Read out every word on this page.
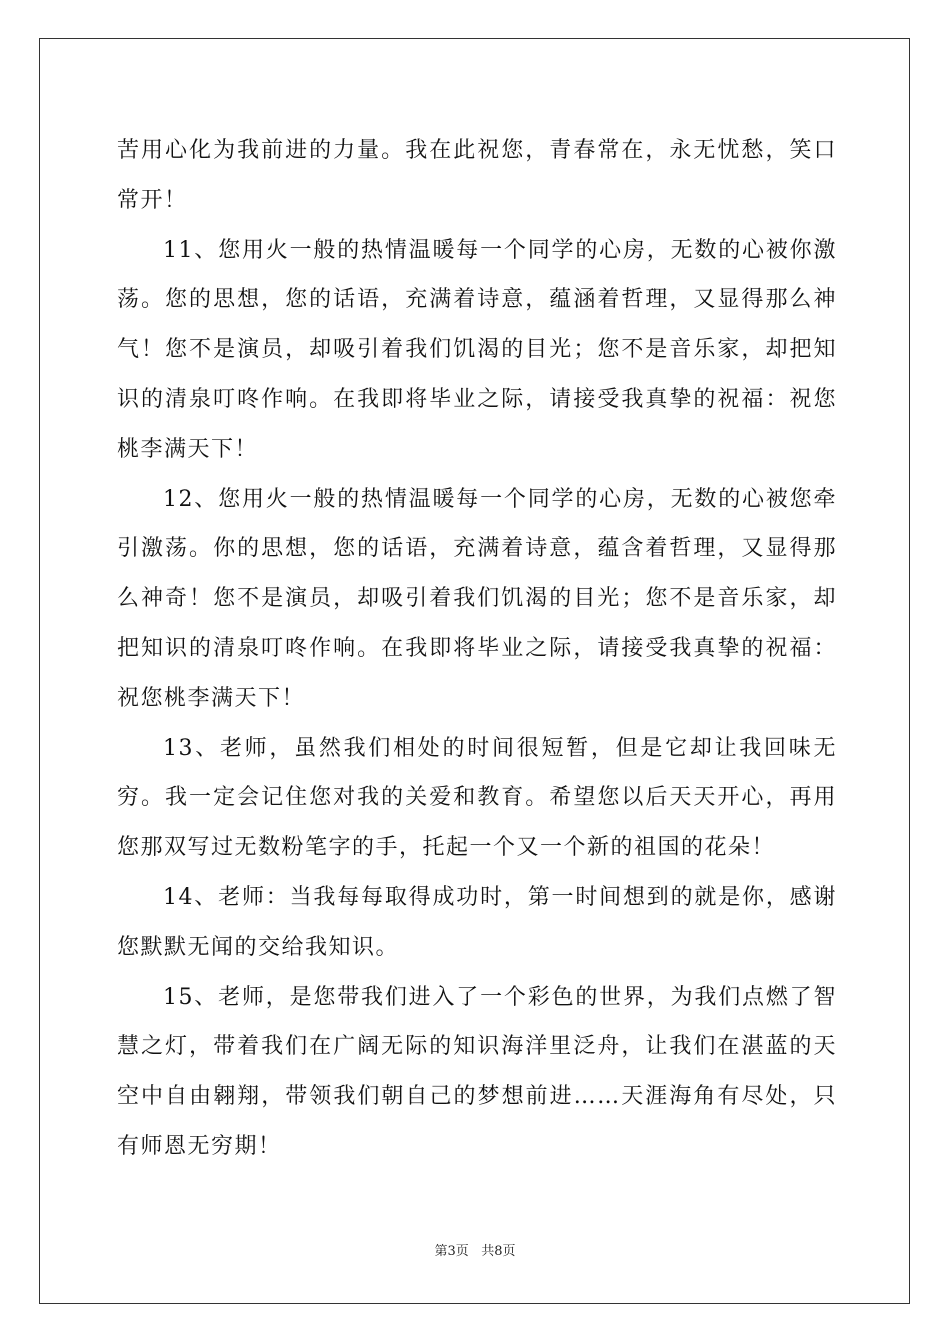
苦用心化为我前进的力量。我在此祝您，青春常在，永无忧愁，笑口常开！

11、您用火一般的热情温暖每一个同学的心房，无数的心被你激荡。您的思想，您的话语，充满着诗意，蕴涵着哲理，又显得那么神气！您不是演员，却吸引着我们饥渴的目光；您不是音乐家，却把知识的清泉叮咚作响。在我即将毕业之际，请接受我真挚的祝福：祝您桃李满天下！

12、您用火一般的热情温暖每一个同学的心房，无数的心被您牵引激荡。你的思想，您的话语，充满着诗意，蕴含着哲理，又显得那么神奇！您不是演员，却吸引着我们饥渴的目光；您不是音乐家，却把知识的清泉叮咚作响。在我即将毕业之际，请接受我真挚的祝福：祝您桃李满天下！

13、老师，虽然我们相处的时间很短暂，但是它却让我回味无穷。我一定会记住您对我的关爱和教育。希望您以后天天开心，再用您那双写过无数粉笔字的手，托起一个又一个新的祖国的花朵！

14、老师：当我每每取得成功时，第一时间想到的就是你，感谢您默默无闻的交给我知识。

15、老师，是您带我们进入了一个彩色的世界，为我们点燃了智慧之灯，带着我们在广阔无际的知识海洋里泛舟，让我们在湛蓝的天空中自由翱翔，带领我们朝自己的梦想前进……天涯海角有尽处，只有师恩无穷期！

第3页 共8页
